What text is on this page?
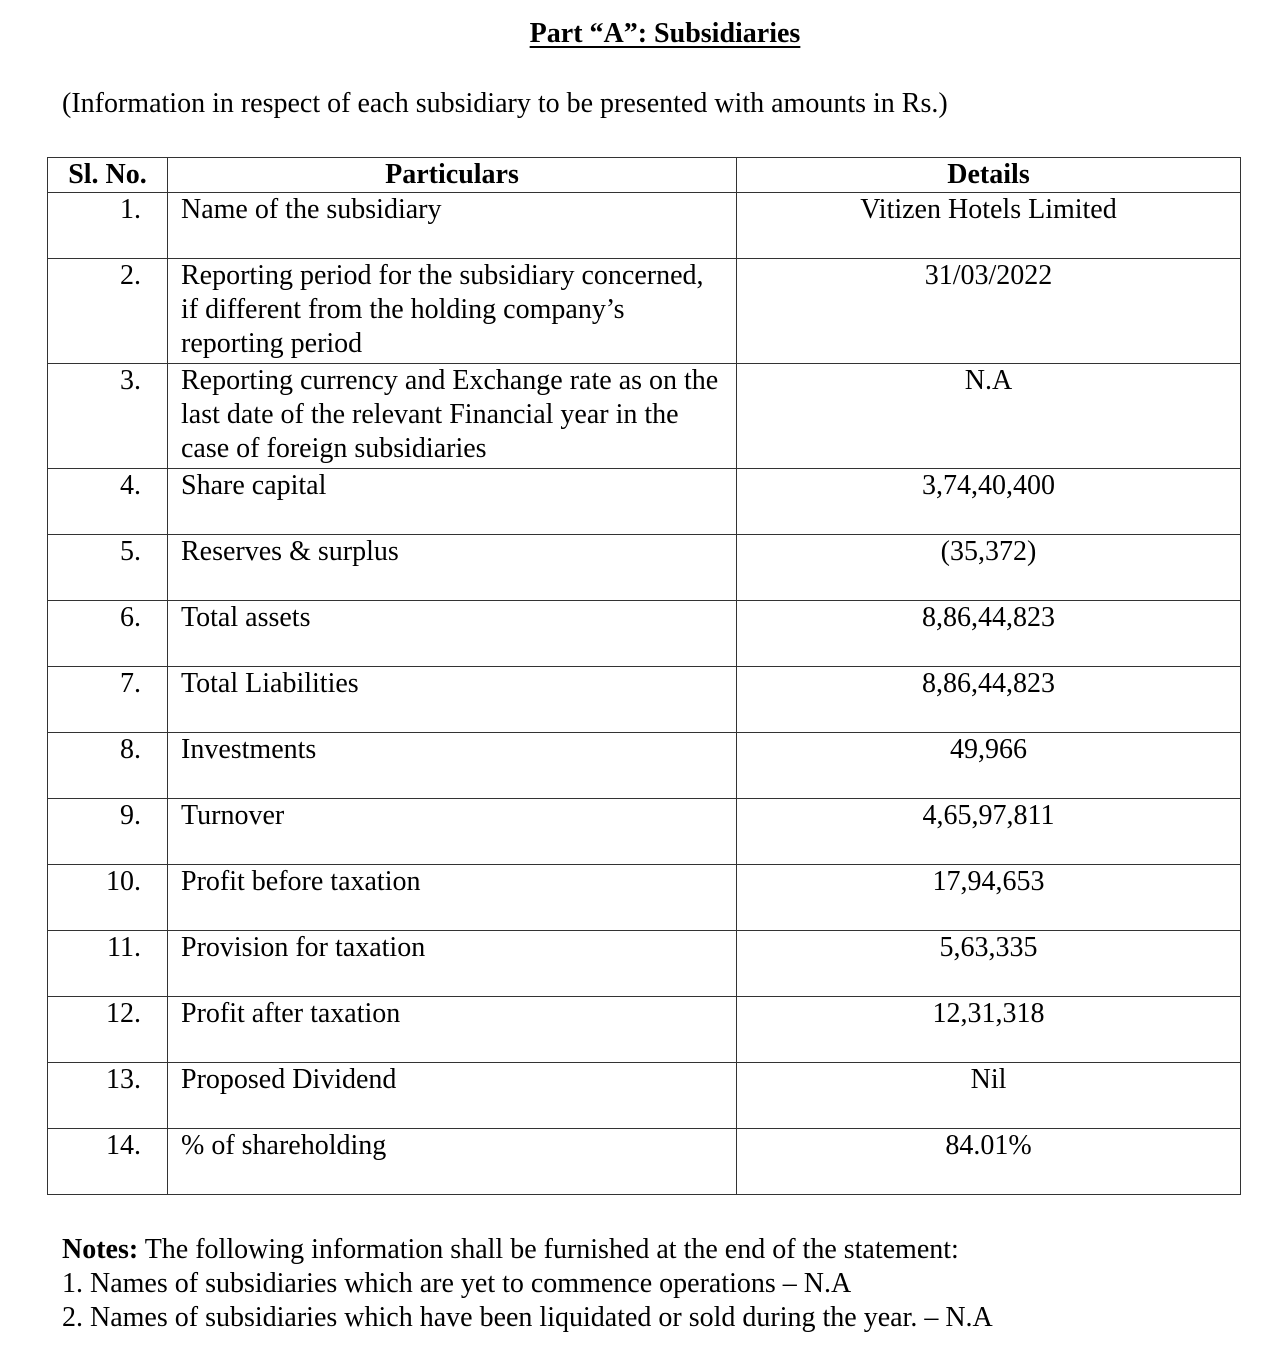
Part “A”: Subsidiaries
(Information in respect of each subsidiary to be presented with amounts in Rs.)
Sl. No.	Particulars	Details
1.	Name of the subsidiary	Vitizen Hotels Limited
2.	Reporting period for the subsidiary concerned, if different from the holding company’s reporting period	31/03/2022
3.	Reporting currency and Exchange rate as on the last date of the relevant Financial year in the case of foreign subsidiaries	N.A
4.	Share capital	3,74,40,400
5.	Reserves & surplus	(35,372)
6.	Total assets	8,86,44,823
7.	Total Liabilities	8,86,44,823
8.	Investments	49,966
9.	Turnover	4,65,97,811
10.	Profit before taxation	17,94,653
11.	Provision for taxation	5,63,335
12.	Profit after taxation	12,31,318
13.	Proposed Dividend	Nil
14.	% of shareholding	84.01%
Notes: The following information shall be furnished at the end of the statement:
1. Names of subsidiaries which are yet to commence operations – N.A
2. Names of subsidiaries which have been liquidated or sold during the year. – N.A
